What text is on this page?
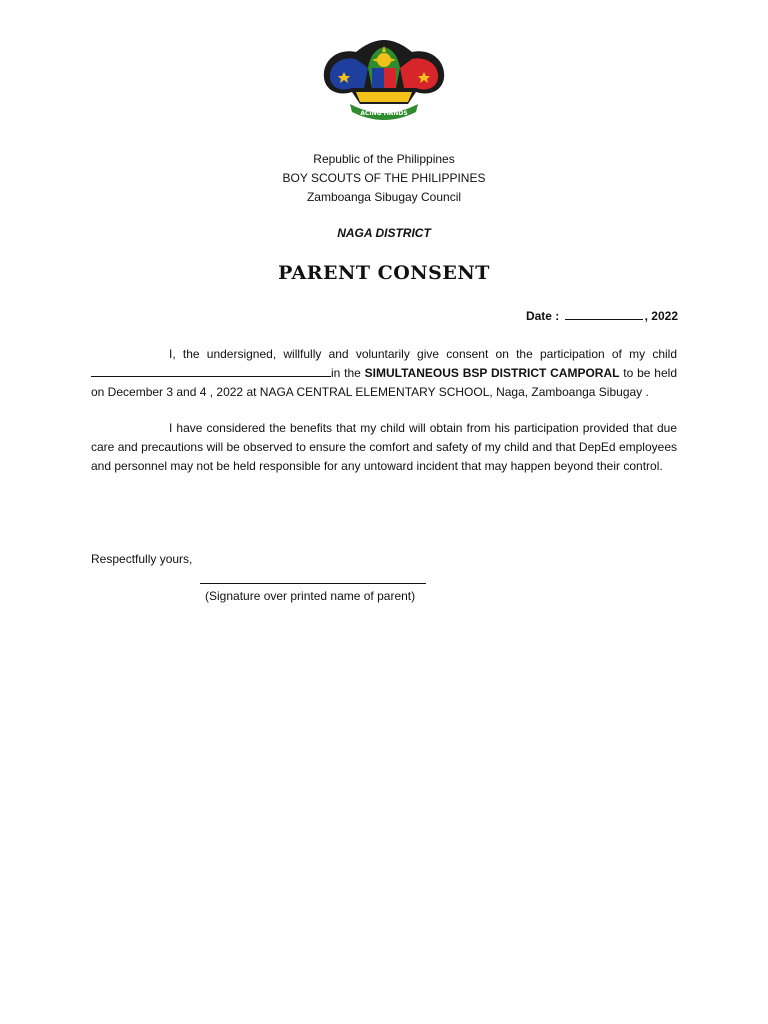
ACING HANDS
Republic of the Philippines
BOY SCOUTS OF THE PHILIPPINES
Zamboanga Sibugay Council
NAGA DISTRICT
PARENT CONSENT
Date :	, 2022
I, the undersigned, willfully and voluntarily give consent on the participation of my child in the SIMULTANEOUS BSP DISTRICT CAMPORAL to be held on December 3 and 4 , 2022 at NAGA CENTRAL ELEMENTARY SCHOOL, Naga, Zamboanga Sibugay .
I have considered the benefits that my child will obtain from his participation provided that due care and precautions will be observed to ensure the comfort and safety of my child and that DepEd employees and personnel may not be held responsible for any untoward incident that may happen beyond their control.
Respectfully yours,
(Signature over printed name of parent)
